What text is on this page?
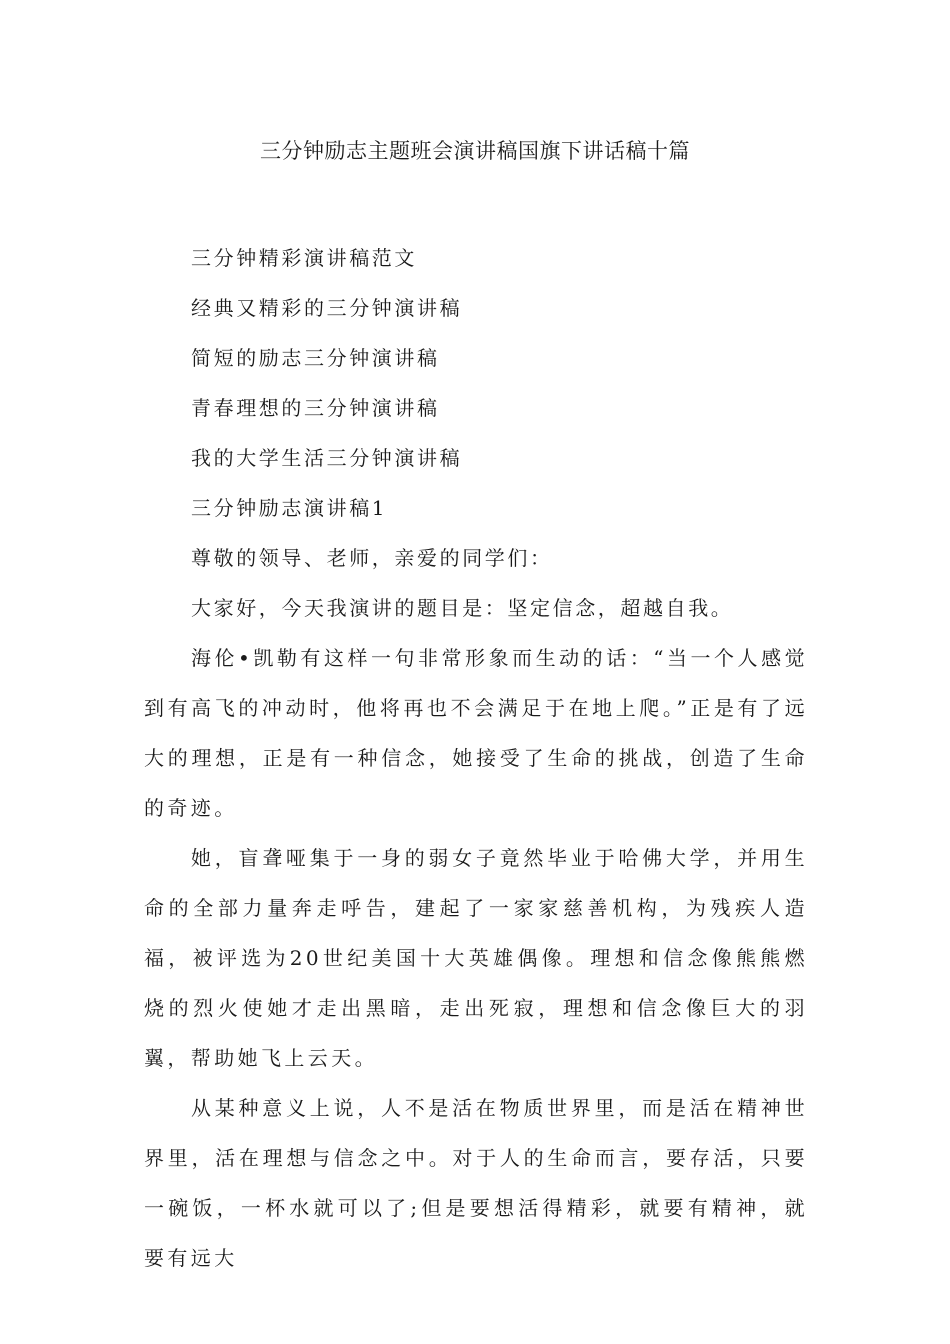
三分钟励志主题班会演讲稿国旗下讲话稿十篇

三分钟精彩演讲稿范文

经典又精彩的三分钟演讲稿

简短的励志三分钟演讲稿

青春理想的三分钟演讲稿

我的大学生活三分钟演讲稿

三分钟励志演讲稿1

尊敬的领导、老师，亲爱的同学们：

大家好，今天我演讲的题目是：坚定信念，超越自我。

海伦•凯勒有这样一句非常形象而生动的话：“当一个人感觉到有高飞的冲动时，他将再也不会满足于在地上爬。”正是有了远大的理想，正是有一种信念，她接受了生命的挑战，创造了生命的奇迹。

她，盲聋哑集于一身的弱女子竟然毕业于哈佛大学，并用生命的全部力量奔走呼告，建起了一家家慈善机构，为残疾人造福，被评选为20世纪美国十大英雄偶像。理想和信念像熊熊燃烧的烈火使她才走出黑暗，走出死寂，理想和信念像巨大的羽翼，帮助她飞上云天。

从某种意义上说，人不是活在物质世界里，而是活在精神世界里，活在理想与信念之中。对于人的生命而言，要存活，只要一碗饭，一杯水就可以了;但是要想活得精彩，就要有精神，就要有远大
